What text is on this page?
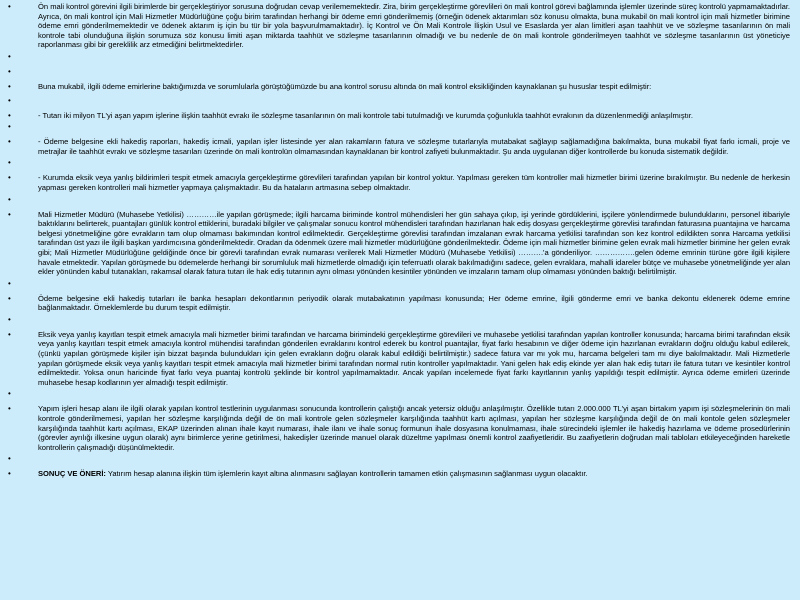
•	Ön mali kontrol görevini ilgili birimlerde bir gerçekleştiriyor sorusuna doğrudan cevap verilememektedir. Zira, birim gerçekleştirme görevlileri ön mali kontrol görevi bağlamında işlemler üzerinde süreç kontrolü yapmamaktadırlar. Ayrıca, ön mali kontrol için Mali Hizmetler Müdürlüğüne çoğu birim tarafından herhangi bir ödeme emri gönderilmemiş (örneğin ödenek aktarımları söz konusu olmakta, buna mukabil ön mali kontrol için mali hizmetler birimine ödeme emri gönderilmemektedir ve ödenek aktarım iş için bu tür bir yola başvurulmamaktadır). İç Kontrol ve Ön Mali Kontrole İlişkin Usul ve Esaslarda yer alan limitleri aşan taahhüt ve ve sözleşme tasarılarının ön mali kontrole tabi olunduğuna ilişkin sorumuza söz konusu limiti aşan miktarda taahhüt ve sözleşme tasarılarının olmadığı ve bu nedenle de ön mali kontrole gönderilmeyen taahhüt ve sözleşme tasarılarının üst yöneticiye raporlanması gibi bir gereklilik arz etmediğini belirtmektedirler.
•
•
•	Buna mukabil, ilgili ödeme emirlerine baktığımızda ve sorumlularla görüştüğümüzde bu ana kontrol sorusu altında ön mali kontrol eksikliğinden kaynaklanan şu hususlar tespit edilmiştir:
•
•	- Tutarı iki milyon TL'yi aşan yapım işlerine ilişkin taahhüt evrakı ile sözleşme tasarılarının ön mali kontrole tabi tutulmadığı ve kurumda çoğunlukla taahhüt evrakının da düzenlenmediği anlaşılmıştır.
•
•	- Ödeme belgesine ekli hakediş raporları, hakediş icmali, yapılan işler listesinde yer alan rakamların fatura ve sözleşme tutarlarıyla mutabakat sağlayıp sağlamadığına bakılmakta, buna mukabil fiyat farkı icmali, proje ve metrajlar ile taahhüt evrakı ve sözleşme tasarıları üzerinde ön mali kontrolün olmamasından kaynaklanan bir kontrol zafiyeti bulunmaktadır. Şu anda uygulanan diğer kontrollerde bu konuda sistematik değildir.
•
•	- Kurumda eksik veya yanlış bildirimleri tespit etmek amacıyla gerçekleştirme görevlileri tarafından yapılan bir kontrol yoktur. Yapılması gereken tüm kontroller mali hizmetler birimi üzerine bırakılmıştır. Bu nedenle de herkesin yapması gereken kontrolleri mali hizmetler yapmaya çalışmaktadır. Bu da hataların artmasına sebep olmaktadır.
•
•	Mali Hizmetler Müdürü (Muhasebe Yetkilisi) …………ile yapılan görüşmede; ilgili harcama biriminde kontrol mühendisleri her gün sahaya çıkıp, işi yerinde gördüklerini, işçilere yönlendirmede bulunduklarını, personel itibariyle baktıklarını belirterek, puantajları günlük kontrol ettiklerini, buradaki bilgiler ve çalışmalar sonucu kontrol mühendisleri tarafından hazırlanan hak ediş dosyası gerçekleştirme görevlisi tarafından faturasına puantajına ve harcama belgesi yönetmeliğine göre evrakların tam olup olmaması bakımından kontrol edilmektedir. Gerçekleştirme görevlisi tarafından imzalanan evrak harcama yetkilisi tarafından son kez kontrol edildikten sonra Harcama yetkilisi tarafından üst yazı ile ilgili başkan yardımcısına gönderilmektedir. Oradan da ödenmek üzere mali hizmetler müdürlüğüne gönderilmektedir. Ödeme için mali hizmetler birimine gelen evrak mali hizmetler birimine her gelen evrak gibi; Mali Hizmetler Müdürlüğüne geldiğinde önce bir görevli tarafından evrak numarası verilerek Mali Hizmetler Müdürü (Muhasebe Yetkilisi) ……….'a gönderiliyor. …………….gelen ödeme emrinin türüne göre ilgili kişilere havale etmektedir. Yapılan görüşmede bu ödemelerde herhangi bir sorumluluk mali hizmetlerde olmadığı için teferruatlı olarak bakılmadığını sadece, gelen evraklara, mahalli idareler bütçe ve muhasebe yönetmeliğinde yer alan ekler yönünden kabul tutanakları, rakamsal olarak fatura tutarı ile hak ediş tutarının aynı olması yönünden kesintiler yönünden ve imzaların tamam olup olmaması yönünden baktığı belirtilmiştir.
•
•	Ödeme belgesine ekli hakediş tutarları ile banka hesapları dekontlarının periyodik olarak mutabakatının yapılması konusunda; Her ödeme emrine, ilgili gönderme emri ve banka dekontu eklenerek ödeme emrine bağlanmaktadır. Örneklemlerde bu durum tespit edilmiştir.
•
•	Eksik veya yanlış kayıtları tespit etmek amacıyla mali hizmetler birimi tarafından ve harcama birimindeki gerçekleştirme görevlileri ve muhasebe yetkilisi tarafından yapılan kontroller konusunda; harcama birimi tarafından eksik veya yanlış kayıtları tespit etmek amacıyla kontrol mühendisi tarafından gönderilen evraklarını kontrol ederek bu kontrol puantajlar, fiyat farkı hesabının ve diğer ödeme için hazırlanan evrakların doğru olduğu kabul edilerek, (çünkü yapılan görüşmede kişiler işin bizzat başında bulundukları için gelen evrakların doğru olarak kabul edildiği belirtilmiştir.) sadece fatura var mı yok mu, harcama belgeleri tam mı diye bakılmaktadır. Mali Hizmetlerle yapılan görüşmede eksik veya yanlış kayıtları tespit etmek amacıyla mali hizmetler birimi tarafından normal rutin kontroller yapılmaktadır. Yani gelen hak ediş ekinde yer alan hak ediş tutarı ile fatura tutarı ve kesintiler kontrol edilmektedir. Yoksa onun haricinde fiyat farkı veya puantaj kontrolü şeklinde bir kontrol yapılmamaktadır. Ancak yapılan incelemede fiyat farkı kayıtlarının yanlış yapıldığı tespit edilmiştir. Ayrıca ödeme emirleri üzerinde muhasebe hesap kodlarının yer almadığı tespit edilmiştir.
•
•	Yapım işleri hesap alanı ile ilgili olarak yapılan kontrol testlerinin uygulanması sonucunda kontrollerin çalıştığı ancak yetersiz olduğu anlaşılmıştır. Özellikle tutarı 2.000.000 TL'yi aşan birtakım yapım işi sözleşmelerinin ön mali kontrole gönderilmemesi, yapılan her sözleşme karşılığında değil de ön mali kontrole gelen sözleşmeler karşılığında taahhüt kartı açılması, yapılan her sözleşme karşılığında değil de ön mali kontole gelen sözleşmeler karşılığında taahhüt kartı açılması, EKAP üzerinden alınan ihale kayıt numarası, ihale ilanı ve ihale sonuç formunun ihale dosyasına konulmaması, ihale sürecindeki işlemler ile hakediş hazırlama ve ödeme prosedürlerinin (görevler ayrılığı ilkesine uygun olarak) aynı birimlerce yerine getirilmesi, hakedişler üzerinde manuel olarak düzeltme yapılması önemli kontrol zaafiyetleridir. Bu zaafiyetlerin doğrudan mali tabloları etkileyeceğinden hareketle kontrollerin çalışmadığı düşünülmektedir.
•
•	SONUÇ VE ÖNERİ: Yatırım hesap alanına ilişkin tüm işlemlerin kayıt altına alınmasını sağlayan kontrollerin tamamen etkin çalışmasının sağlanması uygun olacaktır.
